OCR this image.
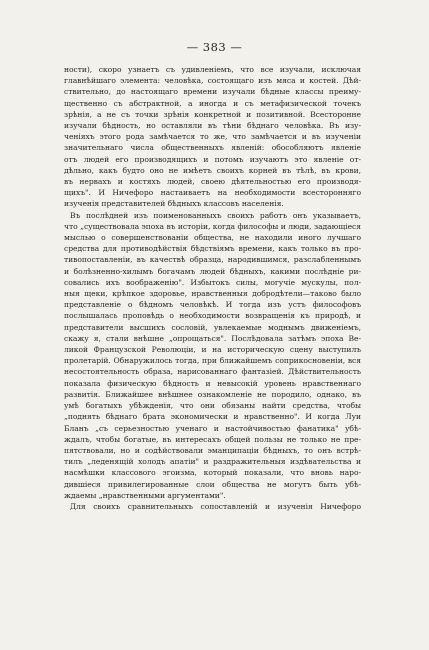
— 383 —
ности), скоро узнаетъ съ удивленіемъ, что все изучали, исключая
главнѣйшаго элемента: человѣка, состоящаго изъ мяса и костей. Дѣй-
ствительно, до настоящаго времени изучали бѣдные классы преиму-
щественно съ абстрактной, а иногда и съ метафизической точекъ
зрѣнія, а не съ точки зрѣнія конкретной и позитивной. Всесторонне
изучали бѣдность, но оставляли въ тѣни бѣднаго человѣка. Въ изу-
ченіяхъ этого рода замѣчается то же, что замѣчается и въ изученіи
значительнаго числа общественныхъ явленій: обособляютъ явленіе
отъ людей его производящихъ и потомъ изучаютъ это явленіе от-
дѣльно, какъ будто оно не имѣетъ своихъ корней въ тѣлѣ, въ крови,
въ нервахъ и костяхъ людей, своею дѣятельностью его производя-
щихъ". И Ничефоро настаиваетъ на необходимости всесторонняго
изученія представителей бѣдныхъ классовъ населенія.
Въ послѣдней изъ поименованныхъ своихъ работъ онъ указываетъ,
что „существовала эпоха въ исторіи, когда философы и люди, задающіеся
мыслью о совершенствованіи общества, не находили иного лучшаго
средства для противодѣйствія бѣдствіямъ времени, какъ только въ про-
тивопоставленіи, въ качествѣ образца, народившимся, разслабленнымъ
и болѣзненно-хилымъ богачамъ людей бѣдныхъ, какими послѣдніе ри-
совались ихъ воображенію". Избытокъ силы, могучіе мускулы, пол-
ныя щеки, крѣпкое здоровье, нравственныя добродѣтели—таково было
представленіе о бѣдномъ человѣкѣ. И тогда изъ устъ философовъ
послышалась проповѣдь о необходимости возвращенія къ природѣ, и
представители высшихъ сословій, увлекаемые моднымъ движеніемъ,
скажу я, стали внѣшне „опрощаться". Послѣдовала затѣмъ эпоха Ве-
ликой Французской Революціи, и на историческую сцену выступилъ
пролетарій. Обнаружилось тогда, при ближайшемъ соприкосновеніи, вся
несостоятельность образа, нарисованнаго фантазіей. Дѣйствительность
показала физическую бѣдность и невысокій уровень нравственнаго
развитія. Ближайшее внѣшнее ознакомленіе не породило, однако, въ
умѣ богатыхъ убѣжденія, что они обязаны найти средства, чтобы
„поднять бѣднаго брата экономически и нравственно". И когда Луи
Бланъ „съ серьезностью ученаго и настойчивостью фанатика" убѣ-
ждалъ, чтобы богатые, въ интересахъ общей пользы не только не пре-
пятствовали, но и содѣйствовали эманципаціи бѣдныхъ, то онъ встрѣ-
тилъ „леденящій холодъ апатіи" и раздражительныя издѣвательства и
насмѣшки классового эгоизма, который показали, что вновь наро-
дившіеся привилегированные слои общества не могутъ быть убѣ-
ждаемы „нравственными аргументами".
Для своихъ сравнительныхъ сопоставленій и изученія Ничефоро
